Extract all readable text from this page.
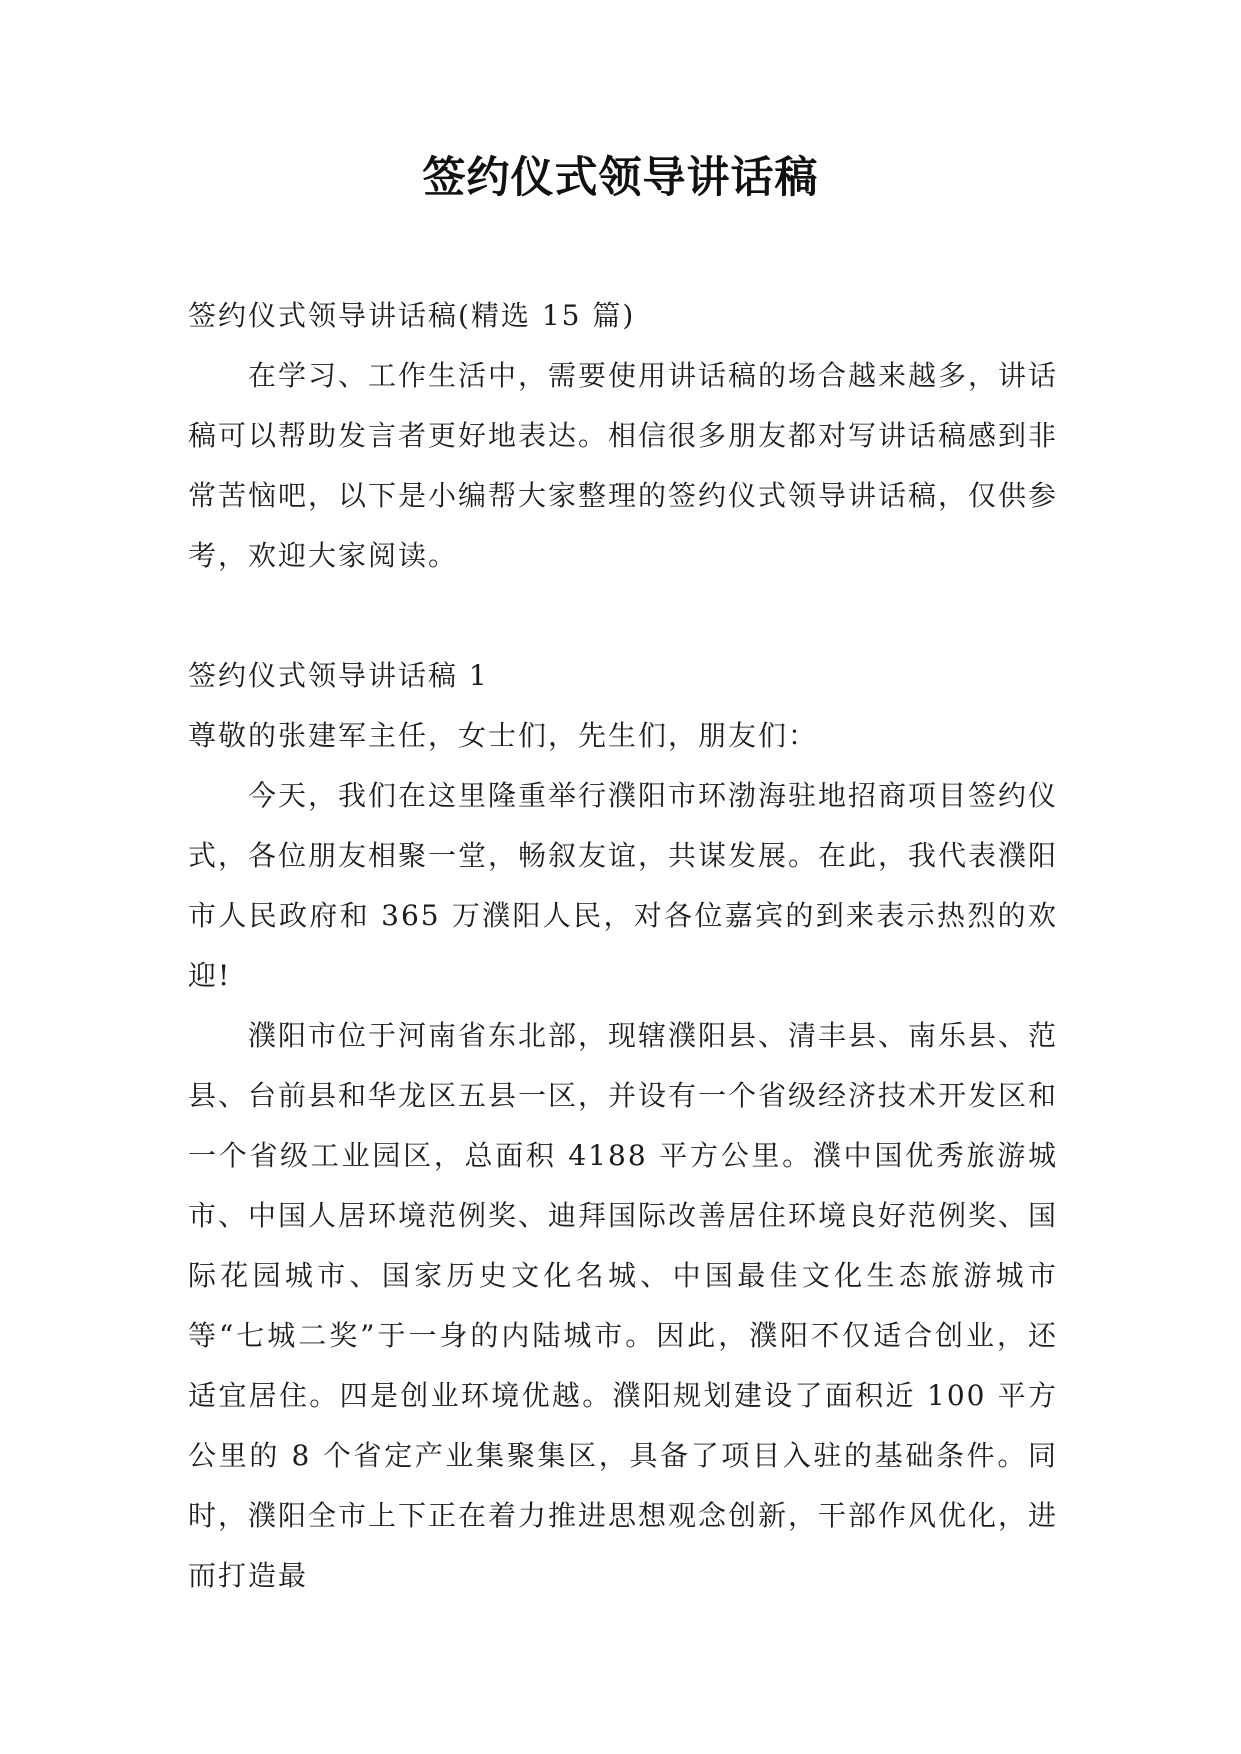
签约仪式领导讲话稿

签约仪式领导讲话稿(精选 15 篇)

在学习、工作生活中，需要使用讲话稿的场合越来越多，讲话稿可以帮助发言者更好地表达。相信很多朋友都对写讲话稿感到非常苦恼吧，以下是小编帮大家整理的签约仪式领导讲话稿，仅供参考，欢迎大家阅读。

签约仪式领导讲话稿 1

尊敬的张建军主任，女士们，先生们，朋友们：

今天，我们在这里隆重举行濮阳市环渤海驻地招商项目签约仪式，各位朋友相聚一堂，畅叙友谊，共谋发展。在此，我代表濮阳市人民政府和 365 万濮阳人民，对各位嘉宾的到来表示热烈的欢迎!

濮阳市位于河南省东北部，现辖濮阳县、清丰县、南乐县、范县、台前县和华龙区五县一区，并设有一个省级经济技术开发区和一个省级工业园区，总面积 4188 平方公里。濮中国优秀旅游城市、中国人居环境范例奖、迪拜国际改善居住环境良好范例奖、国际花园城市、国家历史文化名城、中国最佳文化生态旅游城市等“七城二奖”于一身的内陆城市。因此，濮阳不仅适合创业，还适宜居住。四是创业环境优越。濮阳规划建设了面积近 100 平方公里的 8 个省定产业集聚集区，具备了项目入驻的基础条件。同时，濮阳全市上下正在着力推进思想观念创新，干部作风优化，进而打造最
